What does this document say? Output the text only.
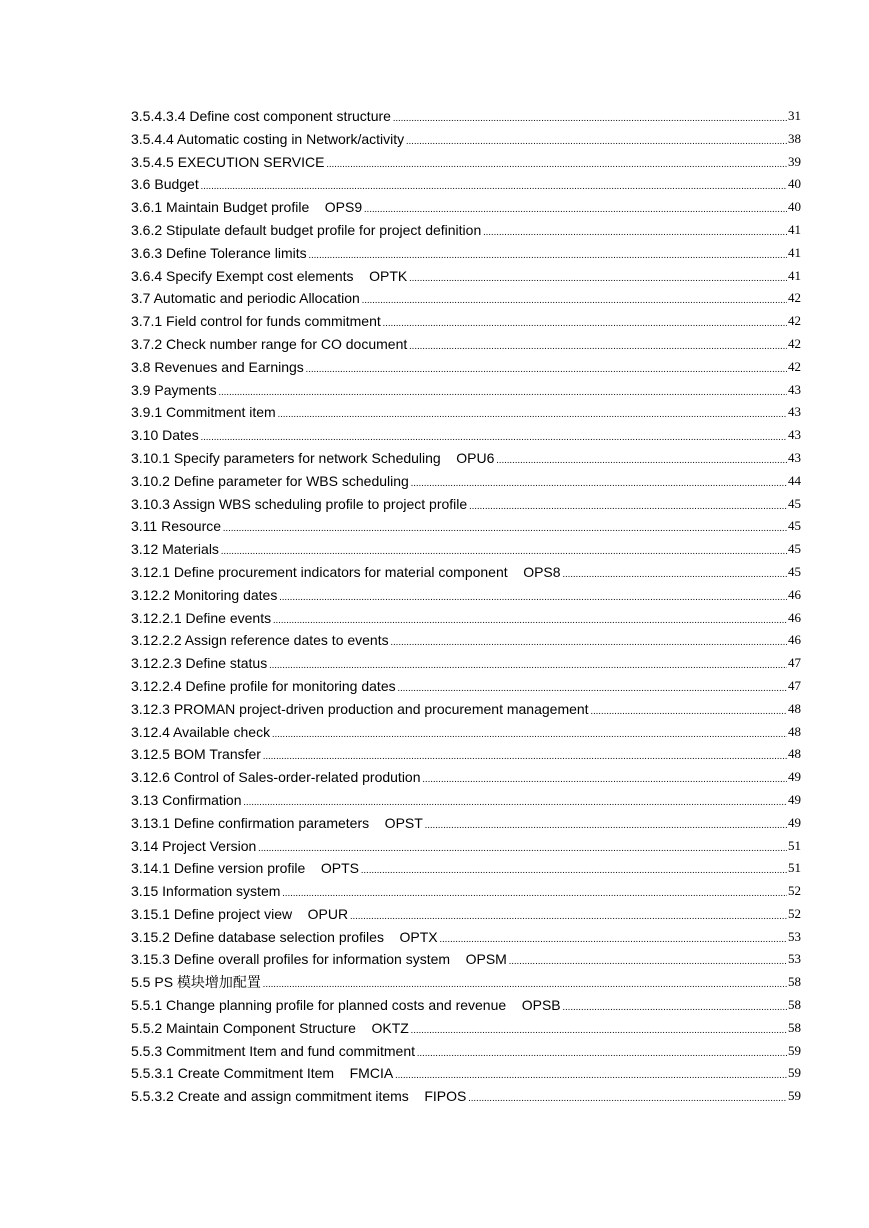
3.5.4.3.4 Define cost component structure .....	31
3.5.4.4 Automatic costing in Network/activity .....	38
3.5.4.5 EXECUTION SERVICE .....	39
3.6 Budget .....	40
3.6.1 Maintain Budget profile    OPS9 .....	40
3.6.2 Stipulate default budget profile for project definition .....	41
3.6.3 Define Tolerance limits .....	41
3.6.4 Specify Exempt cost elements    OPTK .....	41
3.7 Automatic and periodic Allocation .....	42
3.7.1 Field control for funds commitment .....	42
3.7.2 Check number range for CO document .....	42
3.8 Revenues and Earnings .....	42
3.9 Payments .....	43
3.9.1 Commitment item .....	43
3.10 Dates .....	43
3.10.1 Specify parameters for network Scheduling    OPU6 .....	43
3.10.2 Define parameter for WBS scheduling .....	44
3.10.3 Assign WBS scheduling profile to project profile .....	45
3.11 Resource .....	45
3.12 Materials .....	45
3.12.1 Define procurement indicators for material component    OPS8 .....	45
3.12.2 Monitoring dates .....	46
3.12.2.1 Define events .....	46
3.12.2.2 Assign reference dates to events .....	46
3.12.2.3 Define status .....	47
3.12.2.4 Define profile for monitoring dates .....	47
3.12.3 PROMAN project-driven production and procurement management .....	48
3.12.4 Available check .....	48
3.12.5 BOM Transfer .....	48
3.12.6 Control of Sales-order-related prodution .....	49
3.13 Confirmation .....	49
3.13.1 Define confirmation parameters    OPST .....	49
3.14 Project Version .....	51
3.14.1 Define version profile    OPTS .....	51
3.15 Information system .....	52
3.15.1 Define project view    OPUR .....	52
3.15.2 Define database selection profiles    OPTX .....	53
3.15.3 Define overall profiles for information system    OPSM .....	53
5.5 PS 模块增加配置 .....	58
5.5.1 Change planning profile for planned costs and revenue    OPSB .....	58
5.5.2 Maintain Component Structure    OKTZ .....	58
5.5.3 Commitment Item and fund commitment .....	59
5.5.3.1 Create Commitment Item    FMCIA .....	59
5.5.3.2 Create and assign commitment items    FIPOS .....	59
